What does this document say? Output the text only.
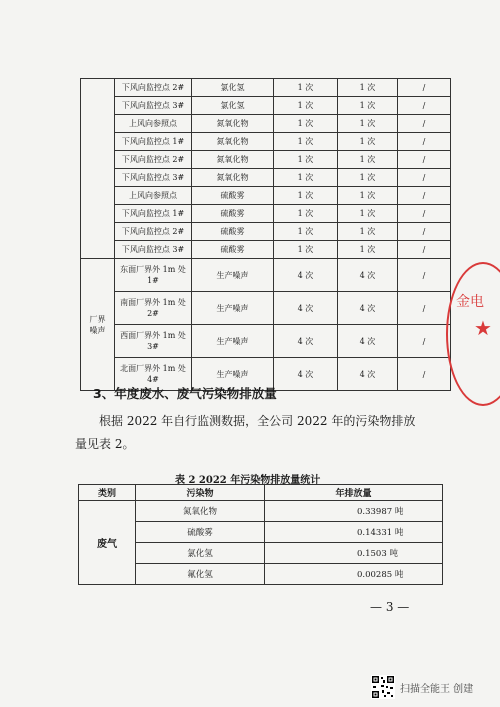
	下风向监控点 2#	氯化氢	1 次	1 次	/
	下风向监控点 3#	氯化氢	1 次	1 次	/
	上风向参照点	氮氧化物	1 次	1 次	/
	下风向监控点 1#	氮氧化物	1 次	1 次	/
	下风向监控点 2#	氮氧化物	1 次	1 次	/
	下风向监控点 3#	氮氧化物	1 次	1 次	/
	上风向参照点	硫酸雾	1 次	1 次	/
	下风向监控点 1#	硫酸雾	1 次	1 次	/
	下风向监控点 2#	硫酸雾	1 次	1 次	/
	下风向监控点 3#	硫酸雾	1 次	1 次	/
厂界噪声	东面厂界外 1m 处 1#	生产噪声	4 次	4 次	/
	南面厂界外 1m 处 2#	生产噪声	4 次	4 次	/
	西面厂界外 1m 处 3#	生产噪声	4 次	4 次	/
	北面厂界外 1m 处 4#	生产噪声	4 次	4 次	/
3、年度废水、废气污染物排放量
根据 2022 年自行监测数据，全公司 2022 年的污染物排放量见表 2。
表 2 2022 年污染物排放量统计
类别	污染物	年排放量
废气	氮氧化物	0.33987 吨
	硫酸雾	0.14331 吨
	氯化氢	0.1503 吨
	氟化氢	0.00285 吨
— 3 —
金电
★
扫描全能王 创建
